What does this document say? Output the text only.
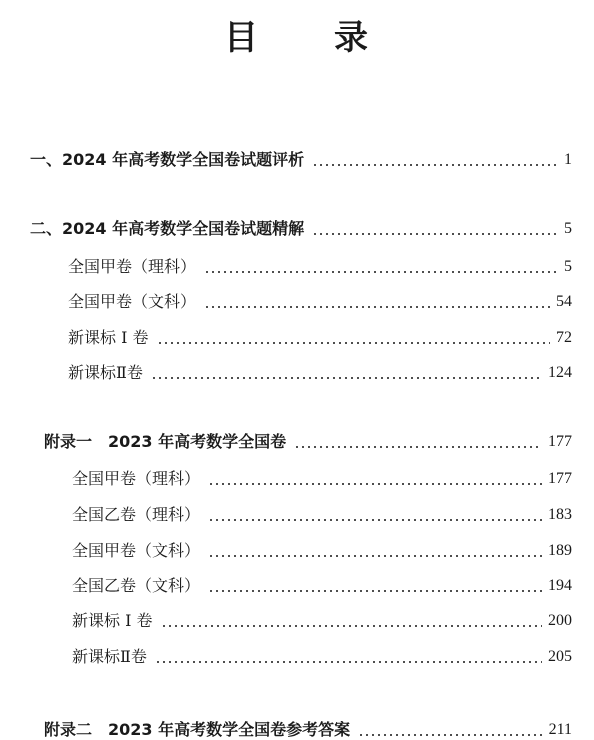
目 录
一、2024 年高考数学全国卷试题评析	1
二、2024 年高考数学全国卷试题精解	5
全国甲卷（理科）	5
全国甲卷（文科）	54
新课标 I 卷	72
新课标Ⅱ卷	124
附录一　2023 年高考数学全国卷	177
全国甲卷（理科）	177
全国乙卷（理科）	183
全国甲卷（文科）	189
全国乙卷（文科）	194
新课标 I 卷	200
新课标Ⅱ卷	205
附录二　2023 年高考数学全国卷参考答案	211
